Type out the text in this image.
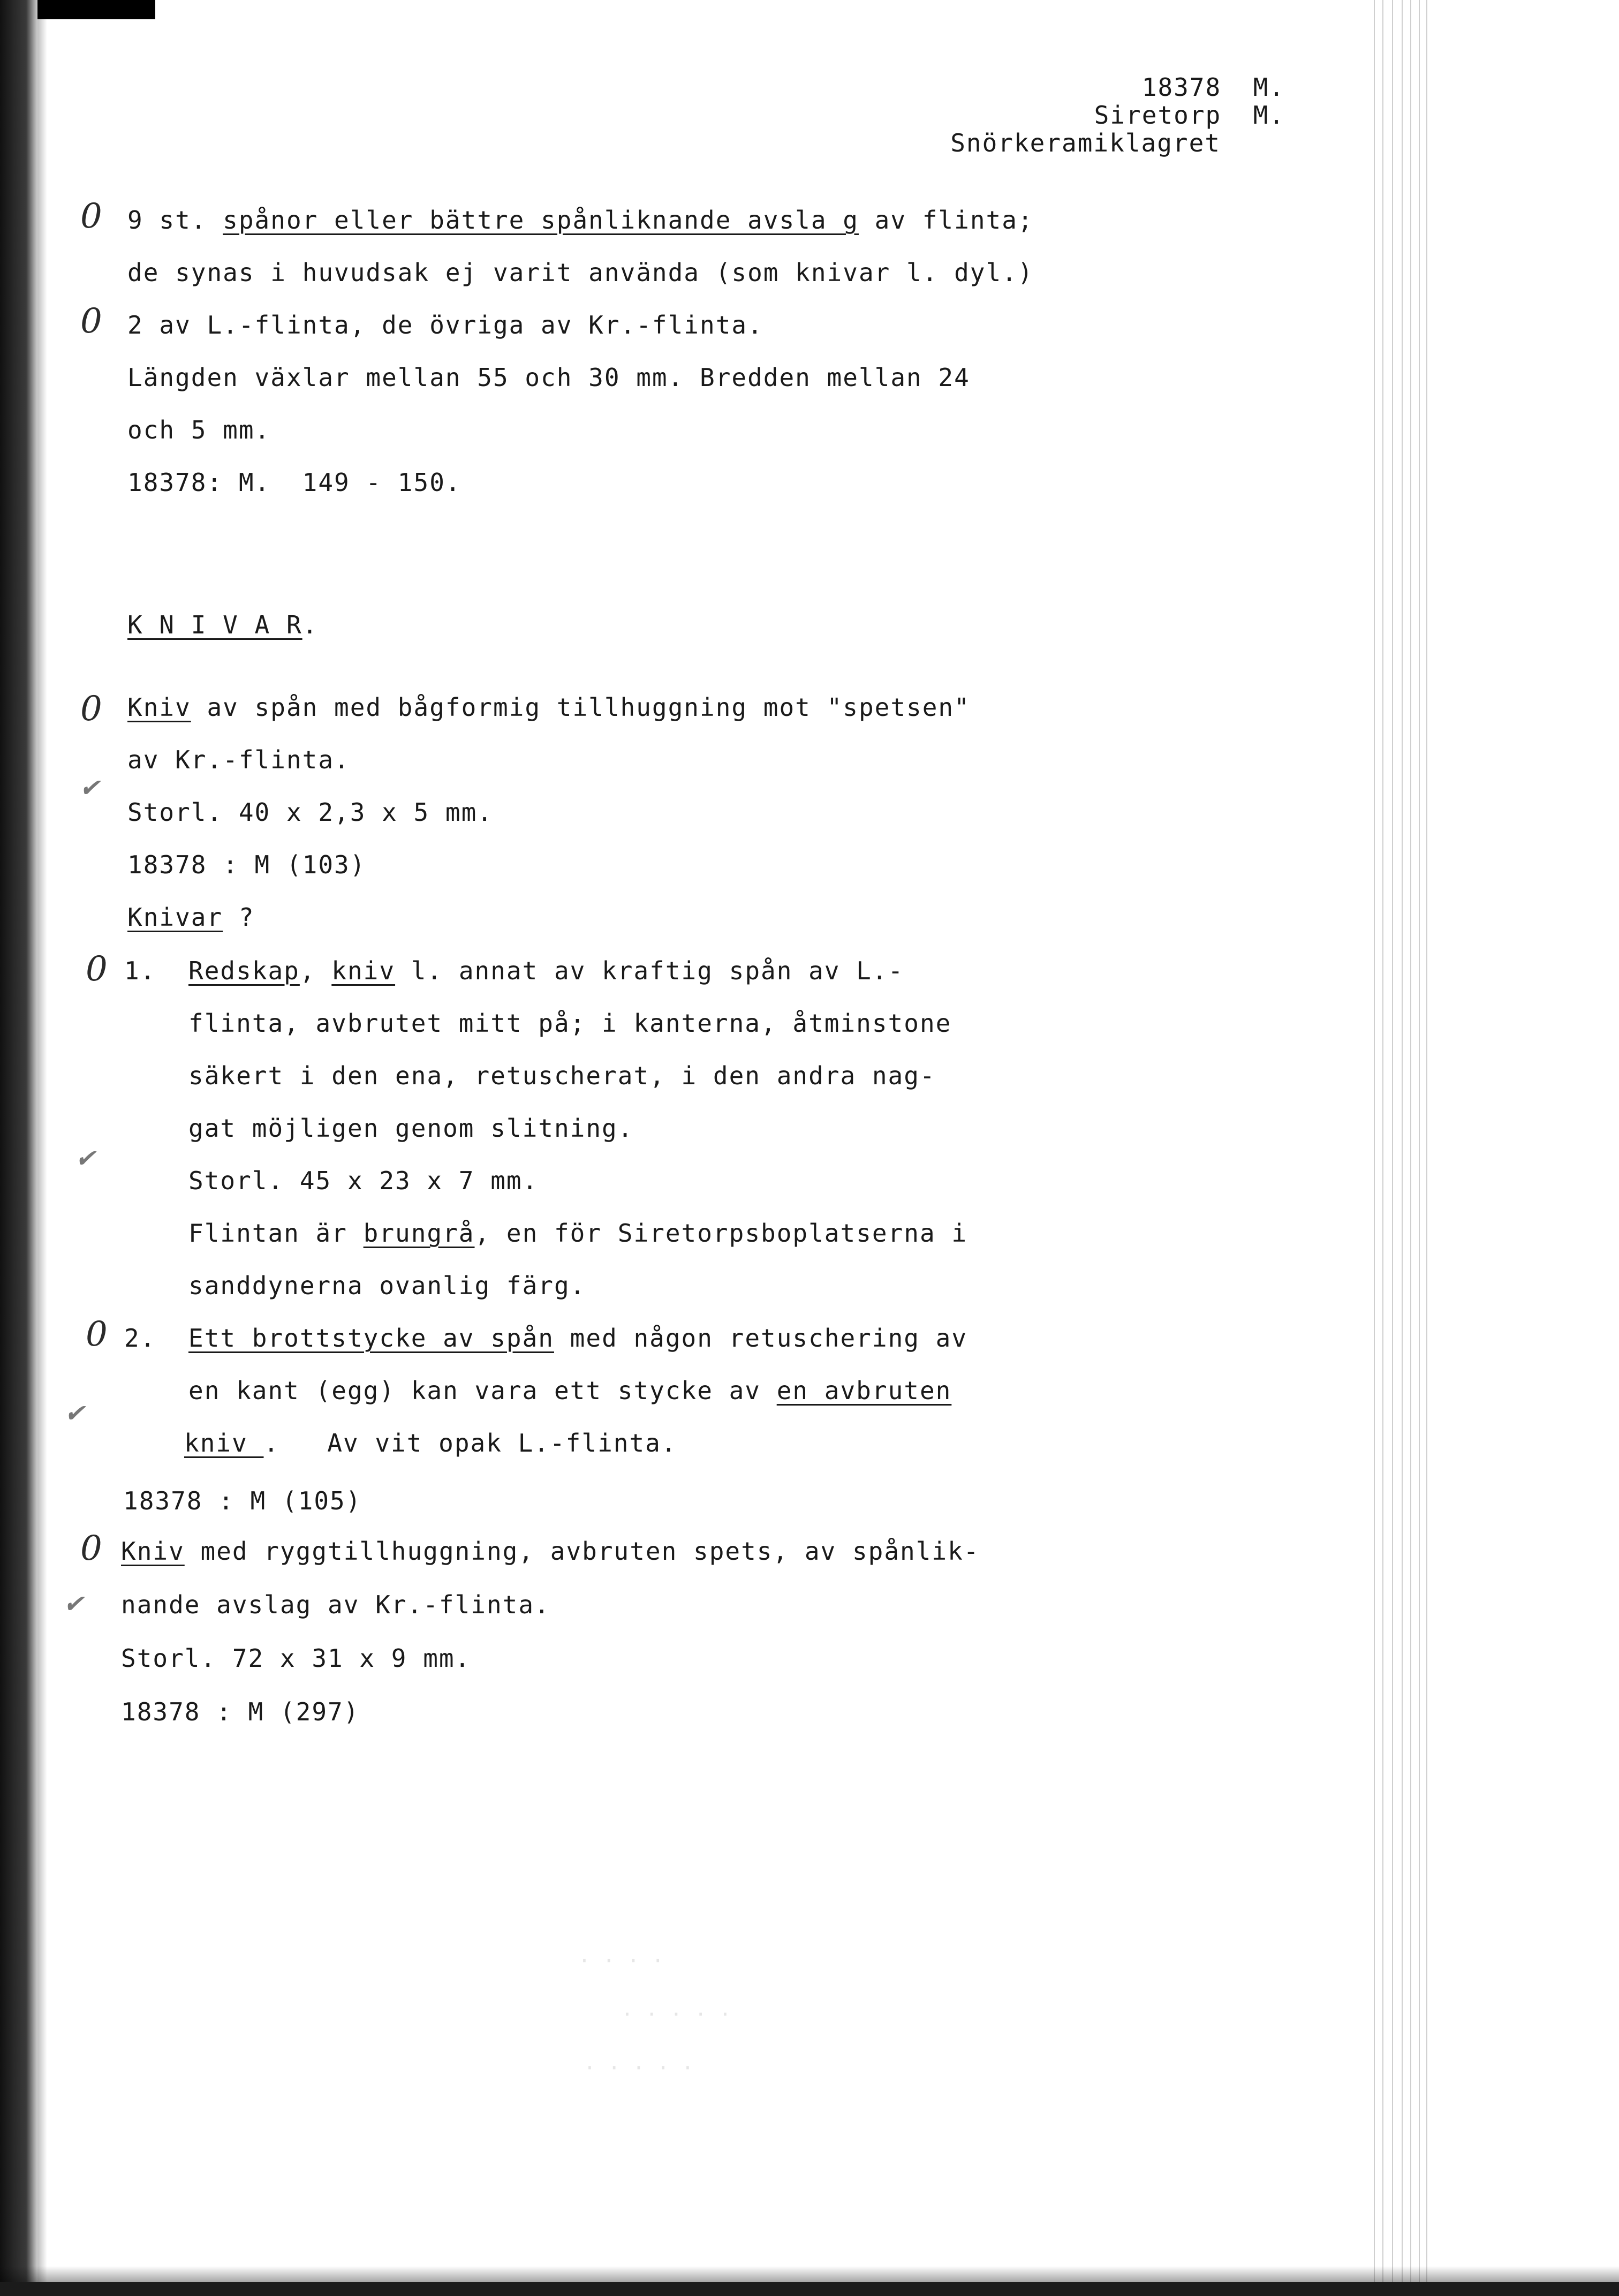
18378  M.
Siretorp  M.
Snörkeramiklagret
0 9 st. spånor eller bättre spånliknande avsla g av flinta;
de synas i huvudsak ej varit använda (som knivar l. dyl.)
0 2 av L.-flinta, de övriga av Kr.-flinta.
Längden växlar mellan 55 och 30 mm. Bredden mellan 24
och 5 mm.
18378: M.  149 - 150.
K N I V A R.
0 Kniv av spån med bågformig tillhuggning mot "spetsen"
av Kr.-flinta.
✔
Storl. 40 x 2,3 x 5 mm.
18378 : M (103)
Knivar ?
0 1. Redskap, kniv l. annat av kraftig spån av L.-
flinta, avbrutet mitt på; i kanterna, åtminstone
säkert i den ena, retuscherat, i den andra nag-
gat möjligen genom slitning.
✔
Storl. 45 x 23 x 7 mm.
Flintan är brungrå, en för Siretorpsboplatserna i
sanddynerna ovanlig färg.
0 2. Ett brottstycke av spån med någon retuschering av
en kant (egg) kan vara ett stycke av en avbruten
✔
kniv .   Av vit opak L.-flinta.
18378 : M (105)
0 Kniv med ryggtillhuggning, avbruten spets, av spånlik-
✔ nande avslag av Kr.-flinta.
Storl. 72 x 31 x 9 mm.
18378 : M (297)
· · · ·
· · · · ·
· · · · ·
